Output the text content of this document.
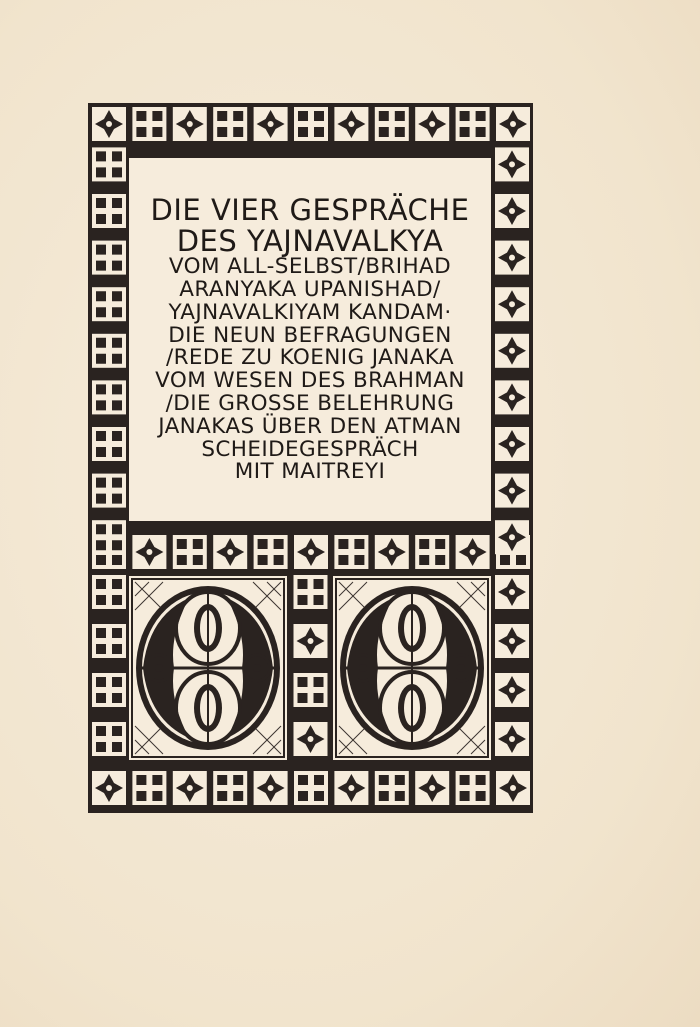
DIE VIER GESPRÄCHE
DES YAJNAVALKYA
VOM ALL-SELBST/BRIHAD
ARANYAKA UPANISHAD/
YAJNAVALKIYAM KANDAM·
DIE NEUN BEFRAGUNGEN
/REDE ZU KOENIG JANAKA
VOM WESEN DES BRAHMAN
/DIE GROSSE BELEHRUNG
JANAKAS ÜBER DEN ATMAN
SCHEIDEGESPRÄCH
MIT MAITREYI
